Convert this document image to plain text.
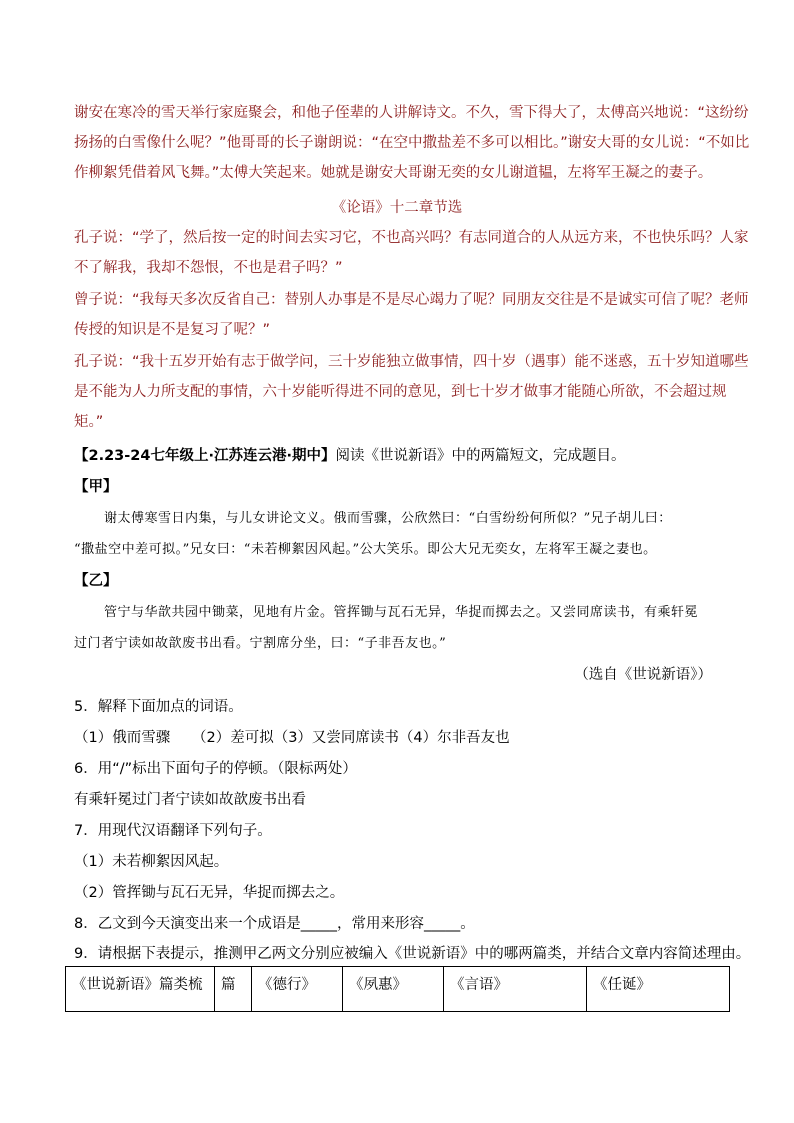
谢安在寒冷的雪天举行家庭聚会，和他子侄辈的人讲解诗文。不久，雪下得大了，太傅高兴地说：“这纷纷
扬扬的白雪像什么呢？”他哥哥的长子谢朗说：“在空中撒盐差不多可以相比。”谢安大哥的女儿说：“不如比
作柳絮凭借着风飞舞。”太傅大笑起来。她就是谢安大哥谢无奕的女儿谢道韫，左将军王凝之的妻子。
《论语》十二章节选
孔子说：“学了，然后按一定的时间去实习它，不也高兴吗？有志同道合的人从远方来，不也快乐吗？人家
不了解我，我却不怨恨，不也是君子吗？”
曾子说：“我每天多次反省自己：替别人办事是不是尽心竭力了呢？同朋友交往是不是诚实可信了呢？老师
传授的知识是不是复习了呢？”
孔子说：“我十五岁开始有志于做学问，三十岁能独立做事情，四十岁（遇事）能不迷惑，五十岁知道哪些
是不能为人力所支配的事情，六十岁能听得进不同的意见，到七十岁才做事才能随心所欲，不会超过规
矩。”
【2.23-24七年级上·江苏连云港·期中】阅读《世说新语》中的两篇短文，完成题目。
【甲】
谢太傅寒雪日内集，与儿女讲论文义。俄而雪骤，公欣然曰：“白雪纷纷何所似？”兄子胡儿曰：
“撒盐空中差可拟。”兄女曰：“未若柳絮因风起。”公大笑乐。即公大兄无奕女，左将军王凝之妻也。
【乙】
管宁与华歆共园中锄菜，见地有片金。管挥锄与瓦石无异，华捉而掷去之。又尝同席读书，有乘轩冕
过门者宁读如故歆废书出看。宁割席分坐，曰：“子非吾友也。”
（选自《世说新语》）
5．解释下面加点的词语。
（1）俄而雪骤　　（2）差可拟（3）又尝同席读书（4）尔非吾友也
6．用“/”标出下面句子的停顿。（限标两处）
有乘轩冕过门者宁读如故歆废书出看
7．用现代汉语翻译下列句子。
（1）未若柳絮因风起。
（2）管挥锄与瓦石无异，华捉而掷去之。
8．乙文到今天演变出来一个成语是_____，常用来形容_____。
9．请根据下表提示，推测甲乙两文分别应被编入《世说新语》中的哪两篇类，并结合文章内容简述理由。
《世说新语》篇类梳	篇	《德行》	《夙惠》	《言语》	《任诞》
